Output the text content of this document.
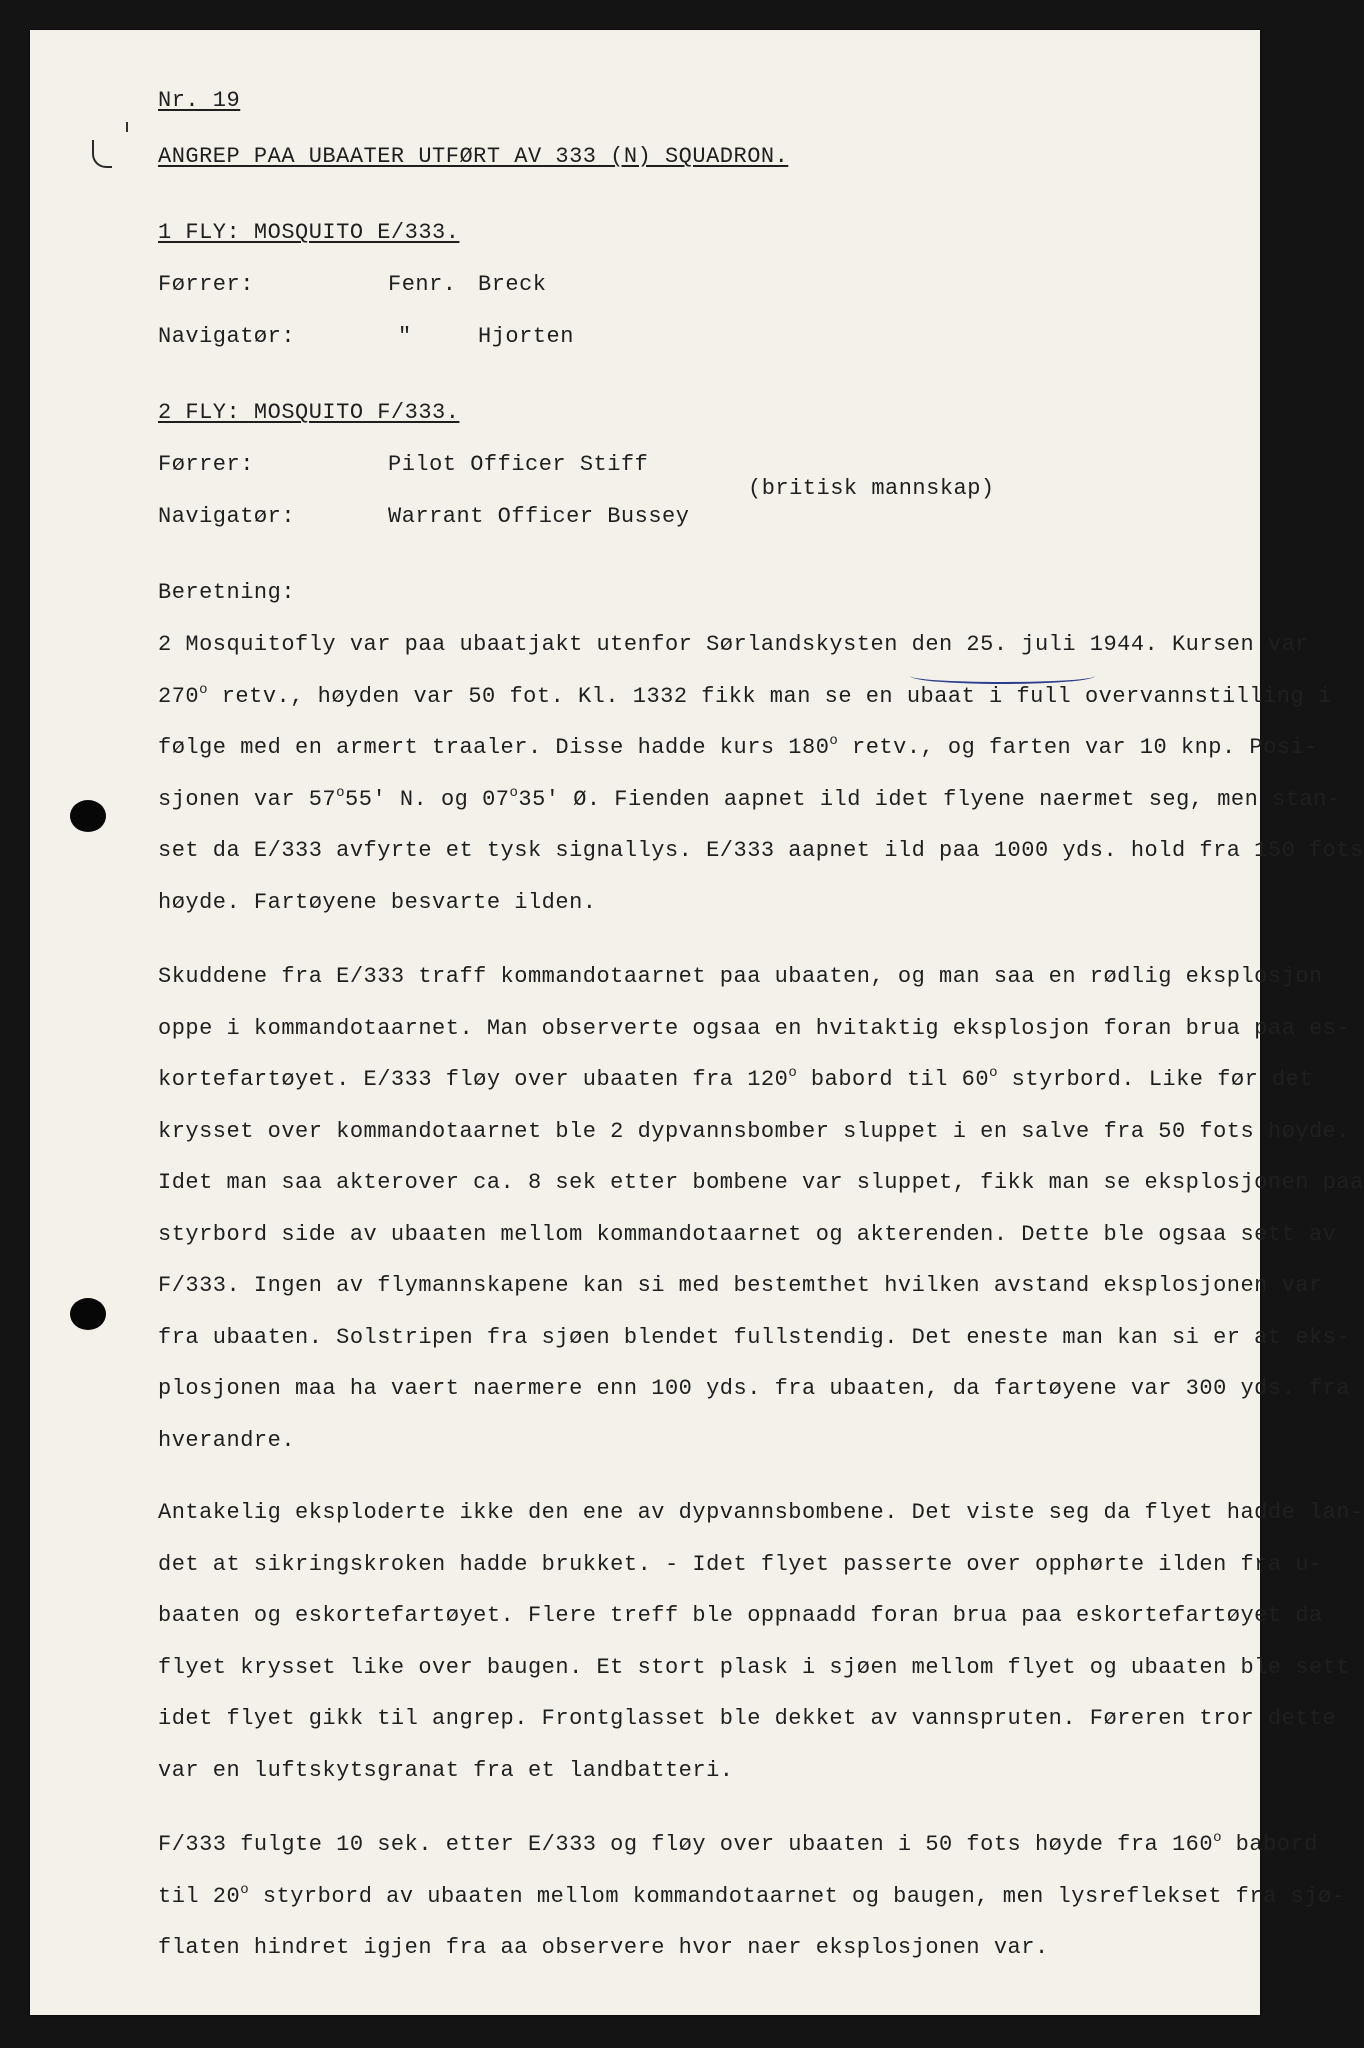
Nr. 19
ANGREP PAA UBAATER UTFØRT AV 333 (N) SQUADRON.
1 FLY: MOSQUITO E/333.
Førrer:	Fenr. Breck
Navigatør:	"	Hjorten
2 FLY: MOSQUITO F/333.
Førrer:	Pilot Officer Stiff
(britisk mannskap)
Navigatør:	Warrant Officer Bussey
Beretning:
2 Mosquitofly var paa ubaatjakt utenfor Sørlandskysten den 25. juli 1944. Kursen var
270$^o$ retv., høyden var 50 fot. Kl. 1332 fikk man se en ubaat i full overvannstilling i
følge med en armert traaler. Disse hadde kurs 180$^o$ retv., og farten var 10 knp. Posi-
sjonen var 57$^o$55' N. og 07$^o$35' Ø. Fienden aapnet ild idet flyene naermet seg, men stan-
set da E/333 avfyrte et tysk signallys. E/333 aapnet ild paa 1000 yds. hold fra 150 fots
høyde. Fartøyene besvarte ilden.
Skuddene fra E/333 traff kommandotaarnet paa ubaaten, og man saa en rødlig eksplosjon
oppe i kommandotaarnet. Man observerte ogsaa en hvitaktig eksplosjon foran brua paa es-
kortefartøyet. E/333 fløy over ubaaten fra 120$^o$ babord til 60$^o$ styrbord. Like før det
krysset over kommandotaarnet ble 2 dypvannsbomber sluppet i en salve fra 50 fots høyde.
Idet man saa akterover ca. 8 sek etter bombene var sluppet, fikk man se eksplosjonen paa
styrbord side av ubaaten mellom kommandotaarnet og akterenden. Dette ble ogsaa sett av
F/333. Ingen av flymannskapene kan si med bestemthet hvilken avstand eksplosjonen var
fra ubaaten. Solstripen fra sjøen blendet fullstendig. Det eneste man kan si er at eks-
plosjonen maa ha vaert naermere enn 100 yds. fra ubaaten, da fartøyene var 300 yds. fra
hverandre.
Antakelig eksploderte ikke den ene av dypvannsbombene. Det viste seg da flyet hadde lan-
det at sikringskroken hadde brukket. - Idet flyet passerte over opphørte ilden fra u-
baaten og eskortefartøyet. Flere treff ble oppnaadd foran brua paa eskortefartøyet da
flyet krysset like over baugen. Et stort plask i sjøen mellom flyet og ubaaten ble sett
idet flyet gikk til angrep. Frontglasset ble dekket av vannspruten. Føreren tror dette
var en luftskytsgranat fra et landbatteri.
F/333 fulgte 10 sek. etter E/333 og fløy over ubaaten i 50 fots høyde fra 160$^o$ babord
til 20$^o$ styrbord av ubaaten mellom kommandotaarnet og baugen, men lysreflekset fra sjø-
flaten hindret igjen fra aa observere hvor naer eksplosjonen var.
